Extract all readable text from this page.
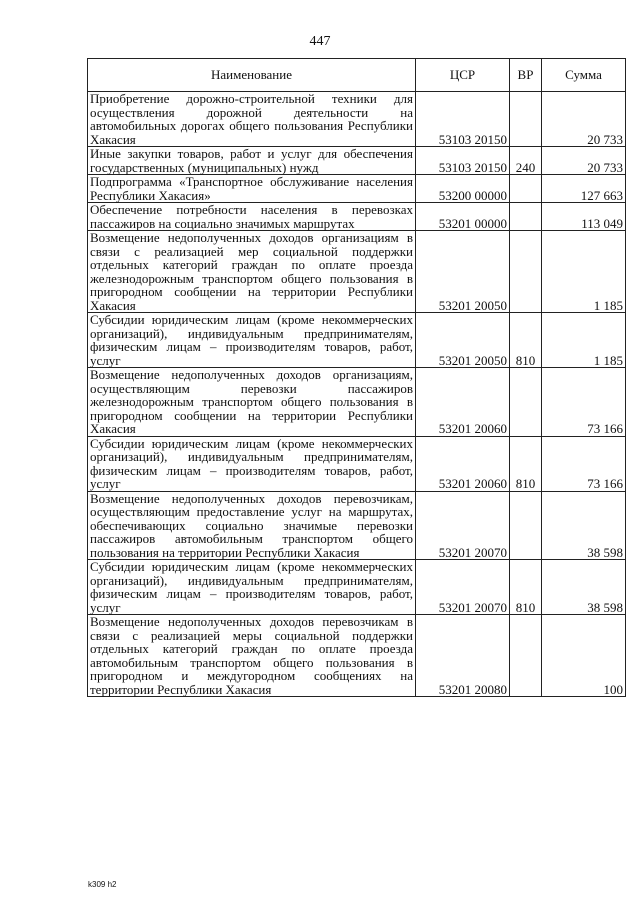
447
Наименование	ЦСР	ВР	Сумма
Приобретение дорожно-строительной техники для осуществления дорожной деятельности на автомобильных дорогах общего пользования Республики Хакасия	53103 20150		20 733
Иные закупки товаров, работ и услуг для обеспечения государственных (муниципальных) нужд	53103 20150	240	20 733
Подпрограмма «Транспортное обслуживание населения Республики Хакасия»	53200 00000		127 663
Обеспечение потребности населения в перевозках пассажиров на социально значимых маршрутах	53201 00000		113 049
Возмещение недополученных доходов организациям в связи с реализацией мер социальной поддержки отдельных категорий граждан по оплате проезда железнодорожным транспортом общего пользования в пригородном сообщении на территории Республики Хакасия	53201 20050		1 185
Субсидии юридическим лицам (кроме некоммерческих организаций), индивидуальным предпринимателям, физическим лицам – производителям товаров, работ, услуг	53201 20050	810	1 185
Возмещение недополученных доходов организациям, осуществляющим перевозки пассажиров железнодорожным транспортом общего пользования в пригородном сообщении на территории Республики Хакасия	53201 20060		73 166
Субсидии юридическим лицам (кроме некоммерческих организаций), индивидуальным предпринимателям, физическим лицам – производителям товаров, работ, услуг	53201 20060	810	73 166
Возмещение недополученных доходов перевозчикам, осуществляющим предоставление услуг на маршрутах, обеспечивающих социально значимые перевозки пассажиров автомобильным транспортом общего пользования на территории Республики Хакасия	53201 20070		38 598
Субсидии юридическим лицам (кроме некоммерческих организаций), индивидуальным предпринимателям, физическим лицам – производителям товаров, работ, услуг	53201 20070	810	38 598
Возмещение недополученных доходов перевозчикам в связи с реализацией меры социальной поддержки отдельных категорий граждан по оплате проезда автомобильным транспортом общего пользования в пригородном и междугородном сообщениях на территории Республики Хакасия	53201 20080		100
k309 h2
